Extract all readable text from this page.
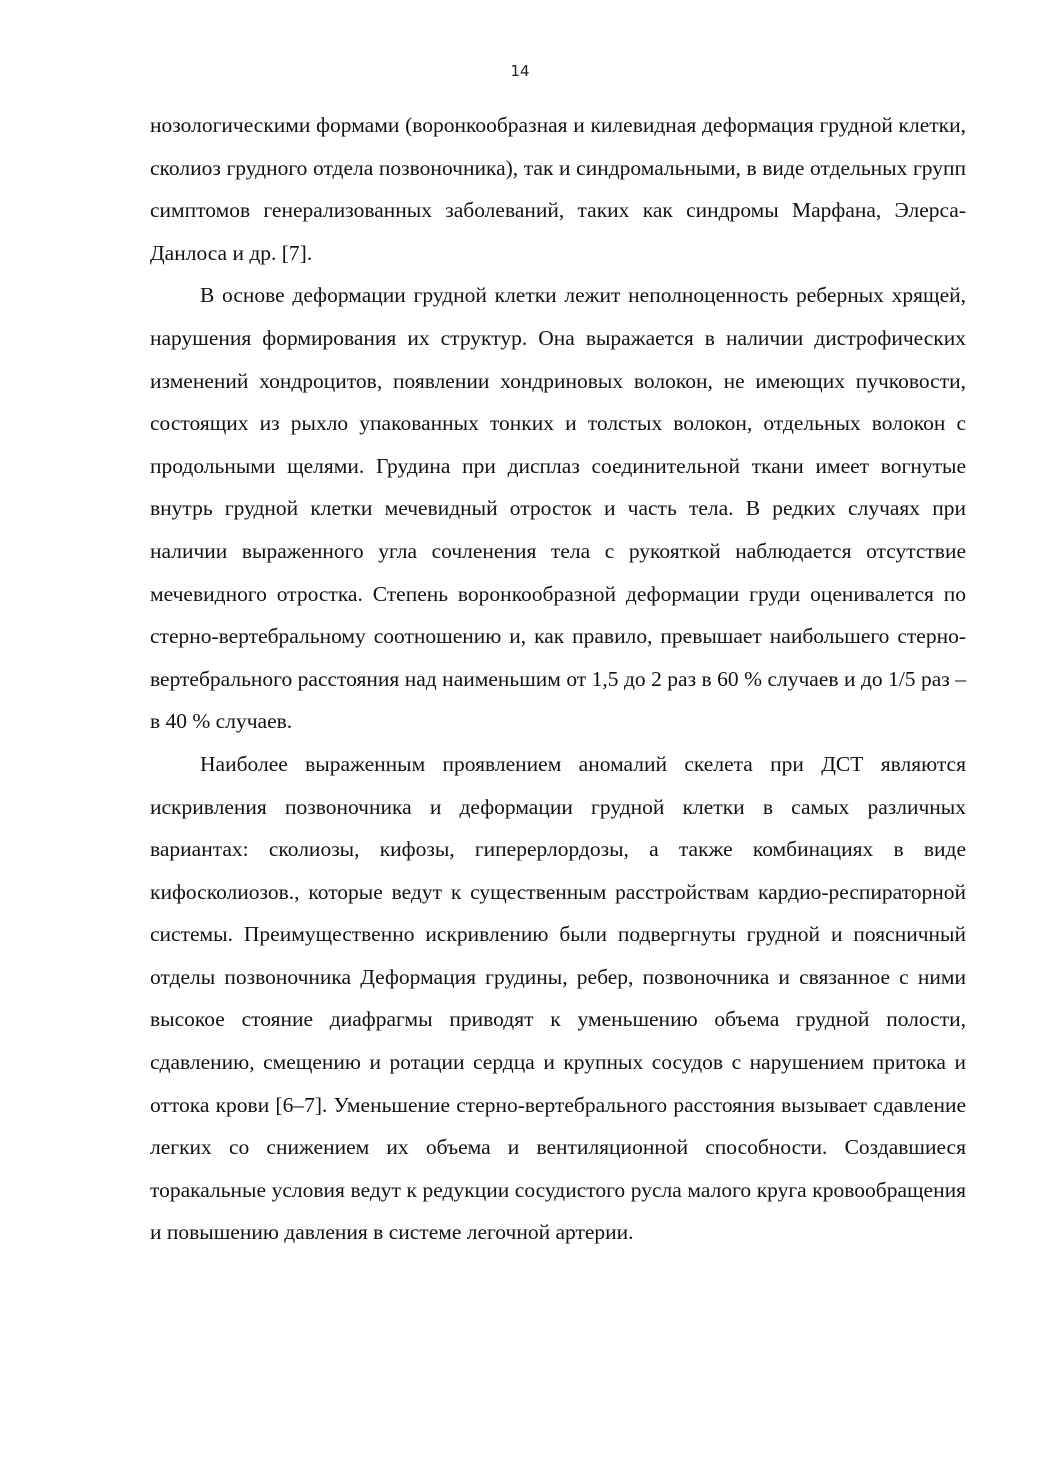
14

нозологическими формами (воронкообразная и килевидная деформация грудной клетки, сколиоз грудного отдела позвоночника), так и синдромальными, в виде отдельных групп симптомов генерализованных заболеваний, таких как синдромы Марфана, Элерса-Данлоса и др. [7].

В основе деформации грудной клетки лежит неполноценность реберных хрящей, нарушения формирования их структур. Она выражается в наличии дистрофических изменений хондроцитов, появлении хондриновых волокон, не имеющих пучковости, состоящих из рыхло упакованных тонких и толстых волокон, отдельных волокон с продольными щелями. Грудина при дисплаз соединительной ткани имеет вогнутые внутрь грудной клетки мечевидный отросток и часть тела. В редких случаях при наличии выраженного угла сочленения тела с рукояткой наблюдается отсутствие мечевидного отростка. Степень воронкообразной деформации груди оценивалется по стерно-вертебральному соотношению и, как правило, превышает наибольшего стерно-вертебрального расстояния над наименьшим от 1,5 до 2 раз в 60 % случаев и до 1/5 раз – в 40 % случаев.

Наиболее выраженным проявлением аномалий скелета при ДСТ являются искривления позвоночника и деформации грудной клетки в самых различных вариантах: сколиозы, кифозы, гиперерлордозы, а также комбинациях в виде кифосколиозов., которые ведут к существенным расстройствам кардио-респираторной системы. Преимущественно искривлению были подвергнуты грудной и поясничный отделы позвоночника Деформация грудины, ребер, позвоночника и связанное с ними высокое стояние диафрагмы приводят к уменьшению объема грудной полости, сдавлению, смещению и ротации сердца и крупных сосудов с нарушением притока и оттока крови [6–7]. Уменьшение стерно-вертебрального расстояния вызывает сдавление легких со снижением их объема и вентиляционной способности. Создавшиеся торакальные условия ведут к редукции сосудистого русла малого круга кровообращения и повышению давления в системе легочной артерии.
